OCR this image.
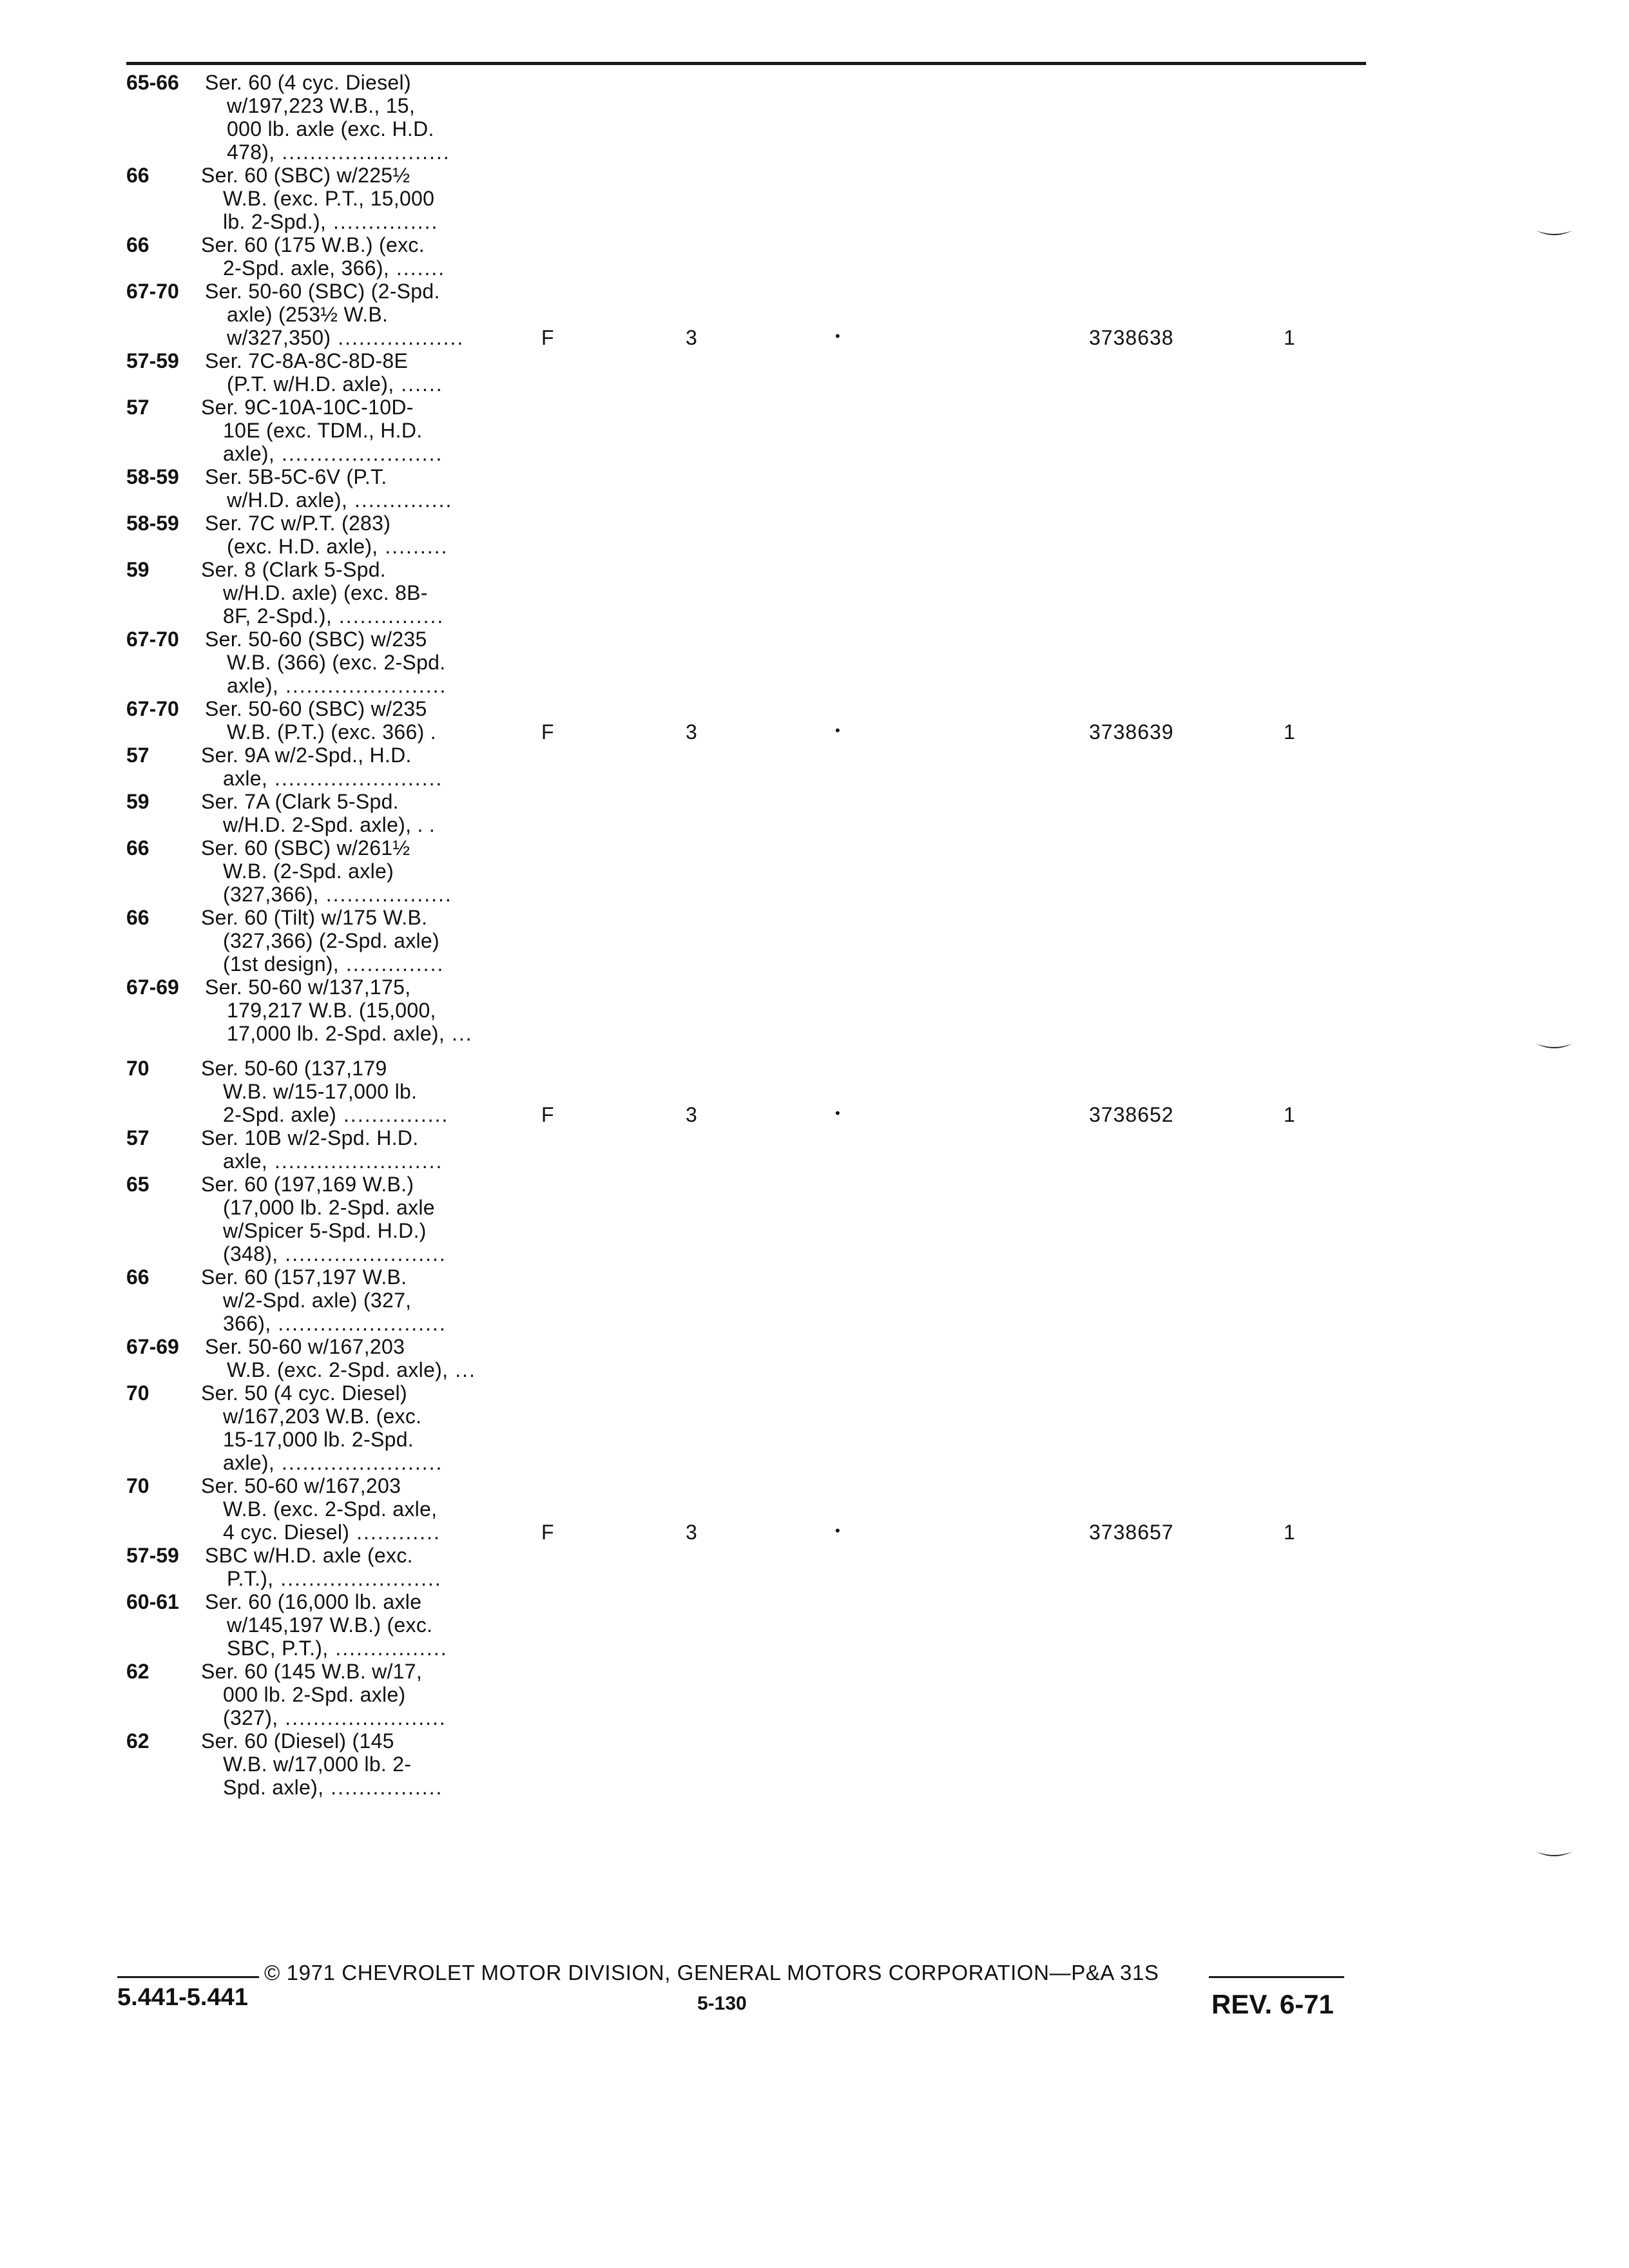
65-66 Ser. 60 (4 cyc. Diesel)
w/197,223 W.B., 15,
000 lb. axle (exc. H.D.
478), ........................
66	Ser. 60 (SBC) w/225½
W.B. (exc. P.T., 15,000
lb. 2-Spd.), ...............
66	Ser. 60 (175 W.B.) (exc.
2-Spd. axle, 366), .......
67-70 Ser. 50-60 (SBC) (2-Spd.
axle) (253½ W.B.
w/327,350) ..................	F	3	•	3738638	1
57-59 Ser. 7C-8A-8C-8D-8E
(P.T. w/H.D. axle), ......
57	Ser. 9C-10A-10C-10D-
10E (exc. TDM., H.D.
axle), .......................
58-59 Ser. 5B-5C-6V (P.T.
w/H.D. axle), ..............
58-59 Ser. 7C w/P.T. (283)
(exc. H.D. axle), .........
59	Ser. 8 (Clark 5-Spd.
w/H.D. axle) (exc. 8B-
8F, 2-Spd.), ...............
67-70 Ser. 50-60 (SBC) w/235
W.B. (366) (exc. 2-Spd.
axle), .......................
67-70 Ser. 50-60 (SBC) w/235
W.B. (P.T.) (exc. 366) .	F	3	•	3738639	1
57	Ser. 9A w/2-Spd., H.D.
axle, ........................
59	Ser. 7A (Clark 5-Spd.
w/H.D. 2-Spd. axle), . .
66	Ser. 60 (SBC) w/261½
W.B. (2-Spd. axle)
(327,366), ..................
66	Ser. 60 (Tilt) w/175 W.B.
(327,366) (2-Spd. axle)
(1st design), ..............
67-69 Ser. 50-60 w/137,175,
179,217 W.B. (15,000,
17,000 lb. 2-Spd. axle), ...
70	Ser. 50-60 (137,179
W.B. w/15-17,000 lb.
2-Spd. axle) ...............	F	3	•	3738652	1
57	Ser. 10B w/2-Spd. H.D.
axle, ........................
65	Ser. 60 (197,169 W.B.)
(17,000 lb. 2-Spd. axle
w/Spicer 5-Spd. H.D.)
(348), .......................
66	Ser. 60 (157,197 W.B.
w/2-Spd. axle) (327,
366), ........................
67-69 Ser. 50-60 w/167,203
W.B. (exc. 2-Spd. axle), ...
70	Ser. 50 (4 cyc. Diesel)
w/167,203 W.B. (exc.
15-17,000 lb. 2-Spd.
axle), .......................
70	Ser. 50-60 w/167,203
W.B. (exc. 2-Spd. axle,
4 cyc. Diesel) ............	F	3	•	3738657	1
57-59 SBC w/H.D. axle (exc.
P.T.), .......................
60-61 Ser. 60 (16,000 lb. axle
w/145,197 W.B.) (exc.
SBC, P.T.), ................
62	Ser. 60 (145 W.B. w/17,
000 lb. 2-Spd. axle)
(327), .......................
62	Ser. 60 (Diesel) (145
W.B. w/17,000 lb. 2-
Spd. axle), ................
© 1971 CHEVROLET MOTOR DIVISION, GENERAL MOTORS CORPORATION—P&A 31S
5.441-5.441	5-130	REV. 6-71
